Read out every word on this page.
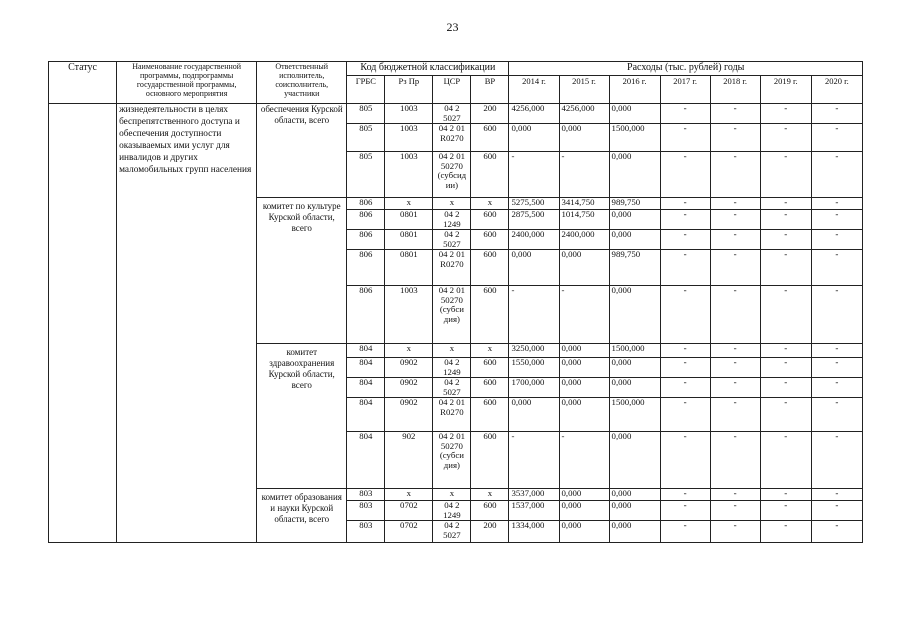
23
Статус	Наименование государственной программы, подпрограммы государственной программы, основного мероприятия	Ответственный исполнитель, соисполнитель, участники	Код бюджетной классификации				Расходы (тыс. рублей) годы						
			ГРБС	Рз Пр	ЦСР	ВР	2014 г.	2015 г.	2016 г.	2017 г.	2018 г.	2019 г.	2020 г.
	жизнедеятельности в целях беспрепятственного доступа и обеспечения доступности оказываемых ими услуг для инвалидов и других маломобильных групп населения	обеспечения Курской области, всего	805	1003	04 2 5027	200	4256,000	4256,000	0,000	-	-	-	-
			805	1003	04 2 01 R0270	600	0,000	0,000	1500,000	-	-	-	-
			805	1003	04 2 01 50270 (субсид ии)	600	-	-	0,000	-	-	-	-
		комитет по культуре Курской области, всего	806	х	х	х	5275,500	3414,750	989,750	-	-	-	-
			806	0801	04 2 1249	600	2875,500	1014,750	0,000	-	-	-	-
			806	0801	04 2 5027	600	2400,000	2400,000	0,000	-	-	-	-
			806	0801	04 2 01 R0270	600	0,000	0,000	989,750	-	-	-	-
			806	1003	04 2 01 50270 (субси дия)	600	-	-	0,000	-	-	-	-
		комитет здравоохранения Курской области, всего	804	х	х	х	3250,000	0,000	1500,000	-	-	-	-
			804	0902	04 2 1249	600	1550,000	0,000	0,000	-	-	-	-
			804	0902	04 2 5027	600	1700,000	0,000	0,000	-	-	-	-
			804	0902	04 2 01 R0270	600	0,000	0,000	1500,000	-	-	-	-
			804	902	04 2 01 50270 (субси дия)	600	-	-	0,000	-	-	-	-
		комитет образования и науки Курской области, всего	803	х	х	х	3537,000	0,000	0,000	-	-	-	-
			803	0702	04 2 1249	600	1537,000	0,000	0,000	-	-	-	-
			803	0702	04 2 5027	200	1334,000	0,000	0,000	-	-	-	-
